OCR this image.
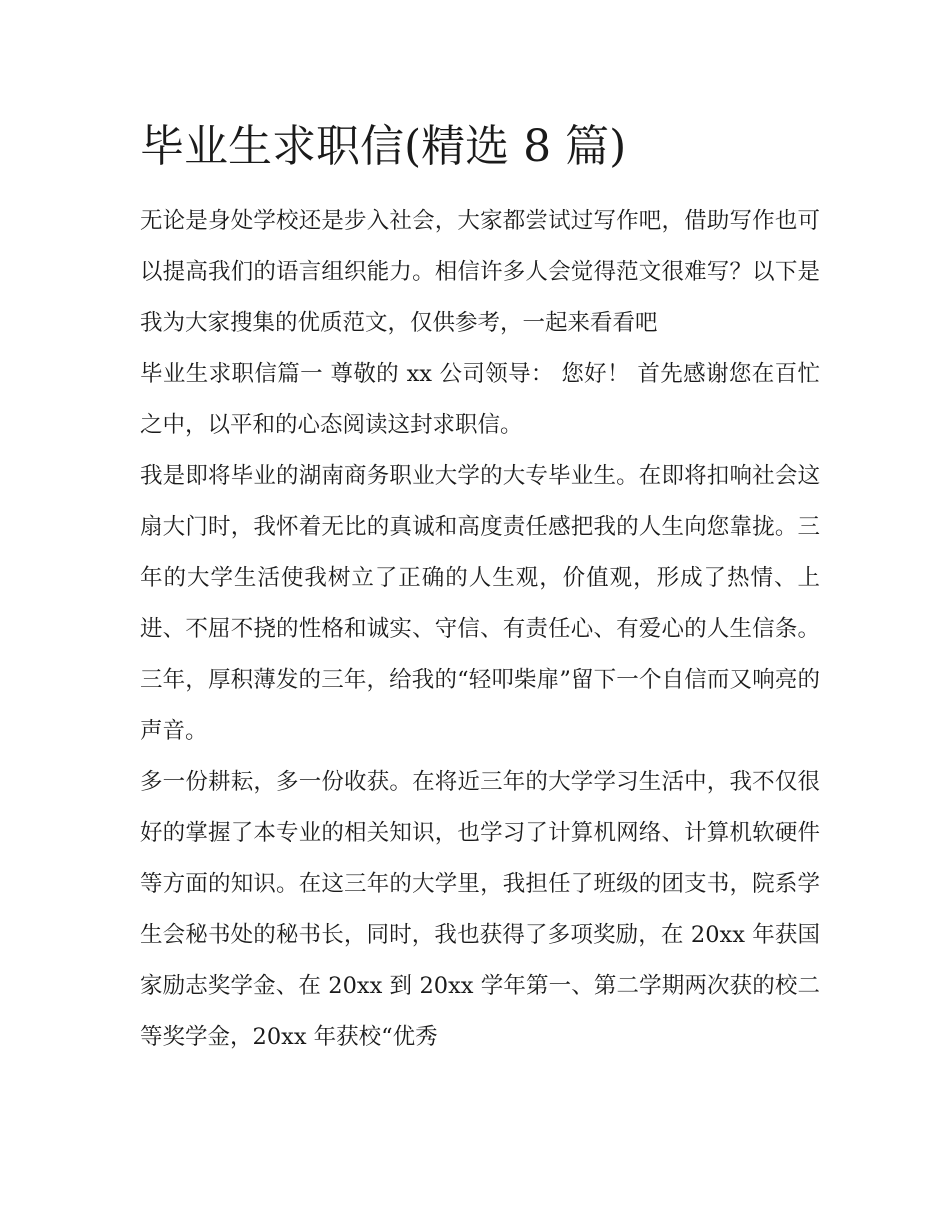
毕业生求职信(精选 8 篇)

无论是身处学校还是步入社会，大家都尝试过写作吧，借助写作也可以提高我们的语言组织能力。相信许多人会觉得范文很难写？以下是我为大家搜集的优质范文，仅供参考，一起来看看吧

毕业生求职信篇一 尊敬的 xx 公司领导： 您好！ 首先感谢您在百忙之中，以平和的心态阅读这封求职信。

我是即将毕业的湖南商务职业大学的大专毕业生。在即将扣响社会这扇大门时，我怀着无比的真诚和高度责任感把我的人生向您靠拢。三年的大学生活使我树立了正确的人生观，价值观，形成了热情、上进、不屈不挠的性格和诚实、守信、有责任心、有爱心的人生信条。三年，厚积薄发的三年，给我的“轻叩柴扉”留下一个自信而又响亮的声音。

多一份耕耘，多一份收获。在将近三年的大学学习生活中，我不仅很好的掌握了本专业的相关知识，也学习了计算机网络、计算机软硬件等方面的知识。在这三年的大学里，我担任了班级的团支书，院系学生会秘书处的秘书长，同时，我也获得了多项奖励，在 20xx 年获国家励志奖学金、在 20xx 到 20xx 学年第一、第二学期两次获的校二等奖学金，20xx 年获校“优秀
